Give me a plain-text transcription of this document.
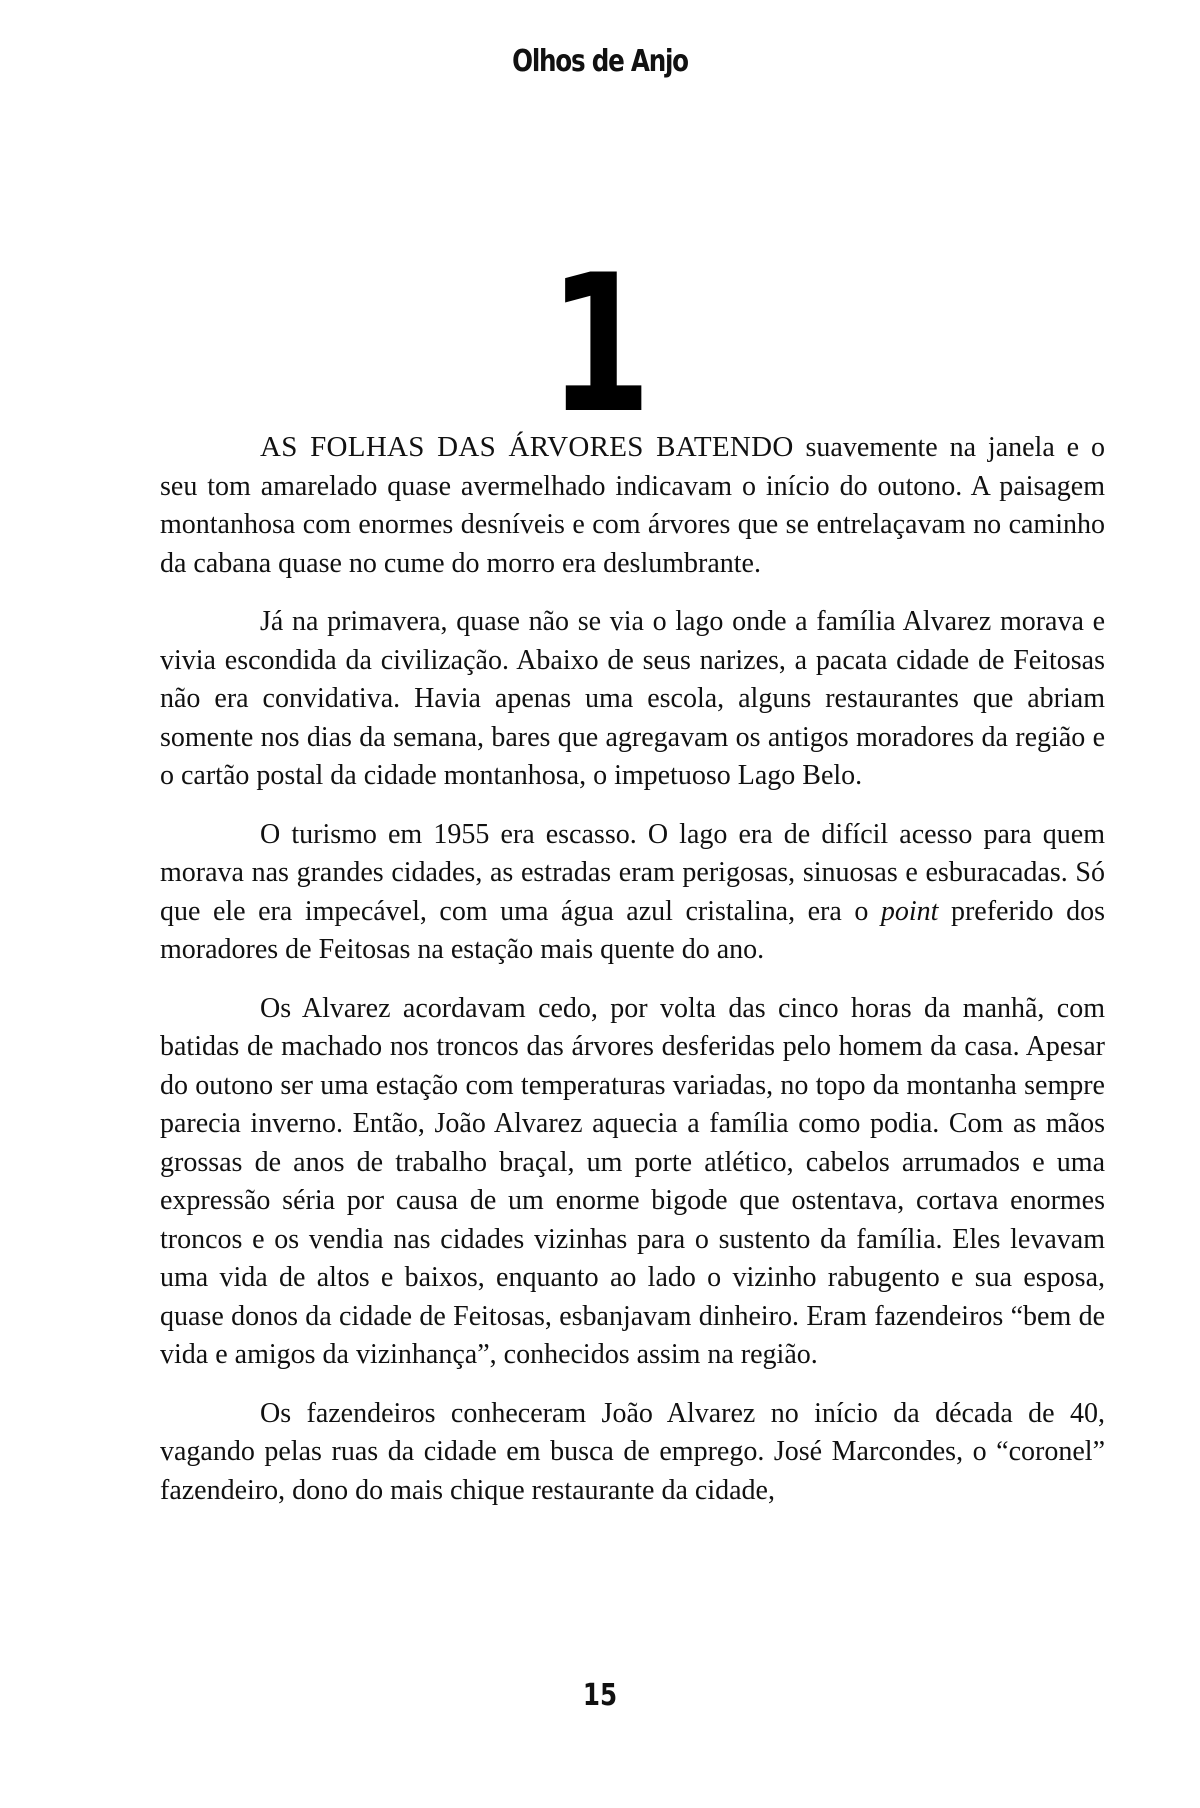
Olhos de Anjo
1

AS FOLHAS DAS ÁRVORES BATENDO suavemente na janela e o seu tom amarelado quase avermelhado indicavam o início do outono. A paisagem montanhosa com enormes desníveis e com árvores que se entrelaçavam no caminho da cabana quase no cume do morro era deslumbrante.

Já na primavera, quase não se via o lago onde a família Alvarez morava e vivia escondida da civilização. Abaixo de seus narizes, a pacata cidade de Feitosas não era convidativa. Havia apenas uma escola, alguns restaurantes que abriam somente nos dias da semana, bares que agregavam os antigos moradores da região e o cartão postal da cidade montanhosa, o impetuoso Lago Belo.

O turismo em 1955 era escasso. O lago era de difícil acesso para quem morava nas grandes cidades, as estradas eram perigosas, sinuosas e esburacadas. Só que ele era impecável, com uma água azul cristalina, era o point preferido dos moradores de Feitosas na estação mais quente do ano.

Os Alvarez acordavam cedo, por volta das cinco horas da manhã, com batidas de machado nos troncos das árvores desferidas pelo homem da casa. Apesar do outono ser uma estação com temperaturas variadas, no topo da montanha sempre parecia inverno. Então, João Alvarez aquecia a família como podia. Com as mãos grossas de anos de trabalho braçal, um porte atlético, cabelos arrumados e uma expressão séria por causa de um enorme bigode que ostentava, cortava enormes troncos e os vendia nas cidades vizinhas para o sustento da família. Eles levavam uma vida de altos e baixos, enquanto ao lado o vizinho rabugento e sua esposa, quase donos da cidade de Feitosas, esbanjavam dinheiro. Eram fazendeiros “bem de vida e amigos da vizinhança”, conhecidos assim na região.

Os fazendeiros conheceram João Alvarez no início da década de 40, vagando pelas ruas da cidade em busca de emprego. José Marcondes, o “coronel” fazendeiro, dono do mais chique restaurante da cidade,

15
